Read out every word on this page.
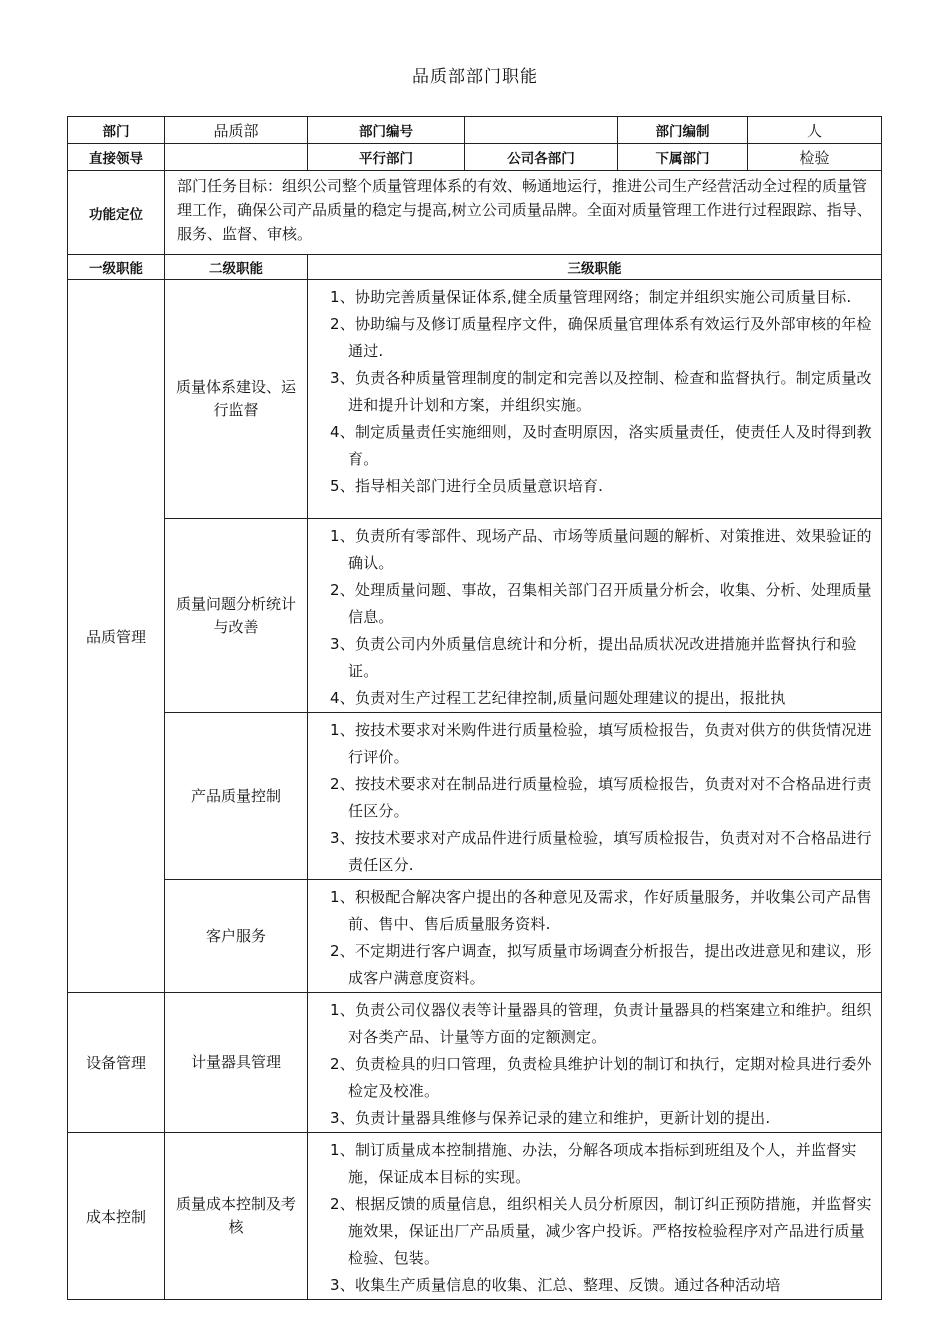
品质部部门职能
部门	品质部	部门编号		部门编制	人
直接领导		平行部门	公司各部门	下属部门	检验
功能定位	部门任务目标：组织公司整个质量管理体系的有效、畅通地运行，推进公司生产经营活动全过程的质量管理工作，确保公司产品质量的稳定与提高,树立公司质量品牌。全面对质量管理工作进行过程跟踪、指导、服务、监督、审核。				
一级职能	二级职能	三级职能			
品质管理	质量体系建设、运行监督	1、协助完善质量保证体系,健全质量管理网络；制定并组织实施公司质量目标.
2、协助编与及修订质量程序文件，确保质量官理体系有效运行及外部审核的年检通过.
3、负责各种质量管理制度的制定和完善以及控制、检查和监督执行。制定质量改进和提升计划和方案，并组织实施。
4、制定质量责任实施细则，及时查明原因，洛实质量责任，使责任人及时得到教育。
5、指导相关部门进行全员质量意识培育.			

	质量问题分析统计与改善	1、负责所有零部件、现场产品、市场等质量问题的解析、对策推进、效果验证的确认。
2、处理质量问题、事故，召集相关部门召开质量分析会，收集、分析、处理质量信息。
3、负责公司内外质量信息统计和分析，提出品质状况改进措施并监督执行和验证。
4、负责对生产过程工艺纪律控制,质量问题处理建议的提出，报批执			

	产品质量控制	1、按技术要求对米购件进行质量检验，填写质检报告，负责对供方的供货情况进行评价。
2、按技术要求对在制品进行质量检验，填写质检报告，负责对对不合格品进行责任区分。
3、按技术要求对产成品件进行质量检验，填写质检报告，负责对对不合格品进行责任区分.			

	客户服务	1、积极配合解决客户提出的各种意见及需求，作好质量服务，并收集公司产品售前、售中、售后质量服务资料.
2、不定期进行客户调查，拟写质量市场调查分析报告，提出改进意见和建议，形成客户满意度资料。			

设备管理	计量器具管理	1、负责公司仪器仪表等计量器具的管理，负责计量器具的档案建立和维护。组织对各类产品、计量等方面的定额测定。
2、负责检具的归口管理，负责检具维护计划的制订和执行，定期对检具进行委外检定及校准。
3、负责计量器具维修与保养记录的建立和维护，更新计划的提出.			

成本控制	质量成本控制及考核	1、制订质量成本控制措施、办法，分解各项成本指标到班组及个人，并监督实施，保证成本目标的实现。
2、根据反馈的质量信息，组织相关人员分析原因，制订纠正预防措施，并监督实施效果，保证出厂产品质量，减少客户投诉。严格按检验程序对产品进行质量检验、包装。
3、收集生产质量信息的收集、汇总、整理、反馈。通过各种活动培			
